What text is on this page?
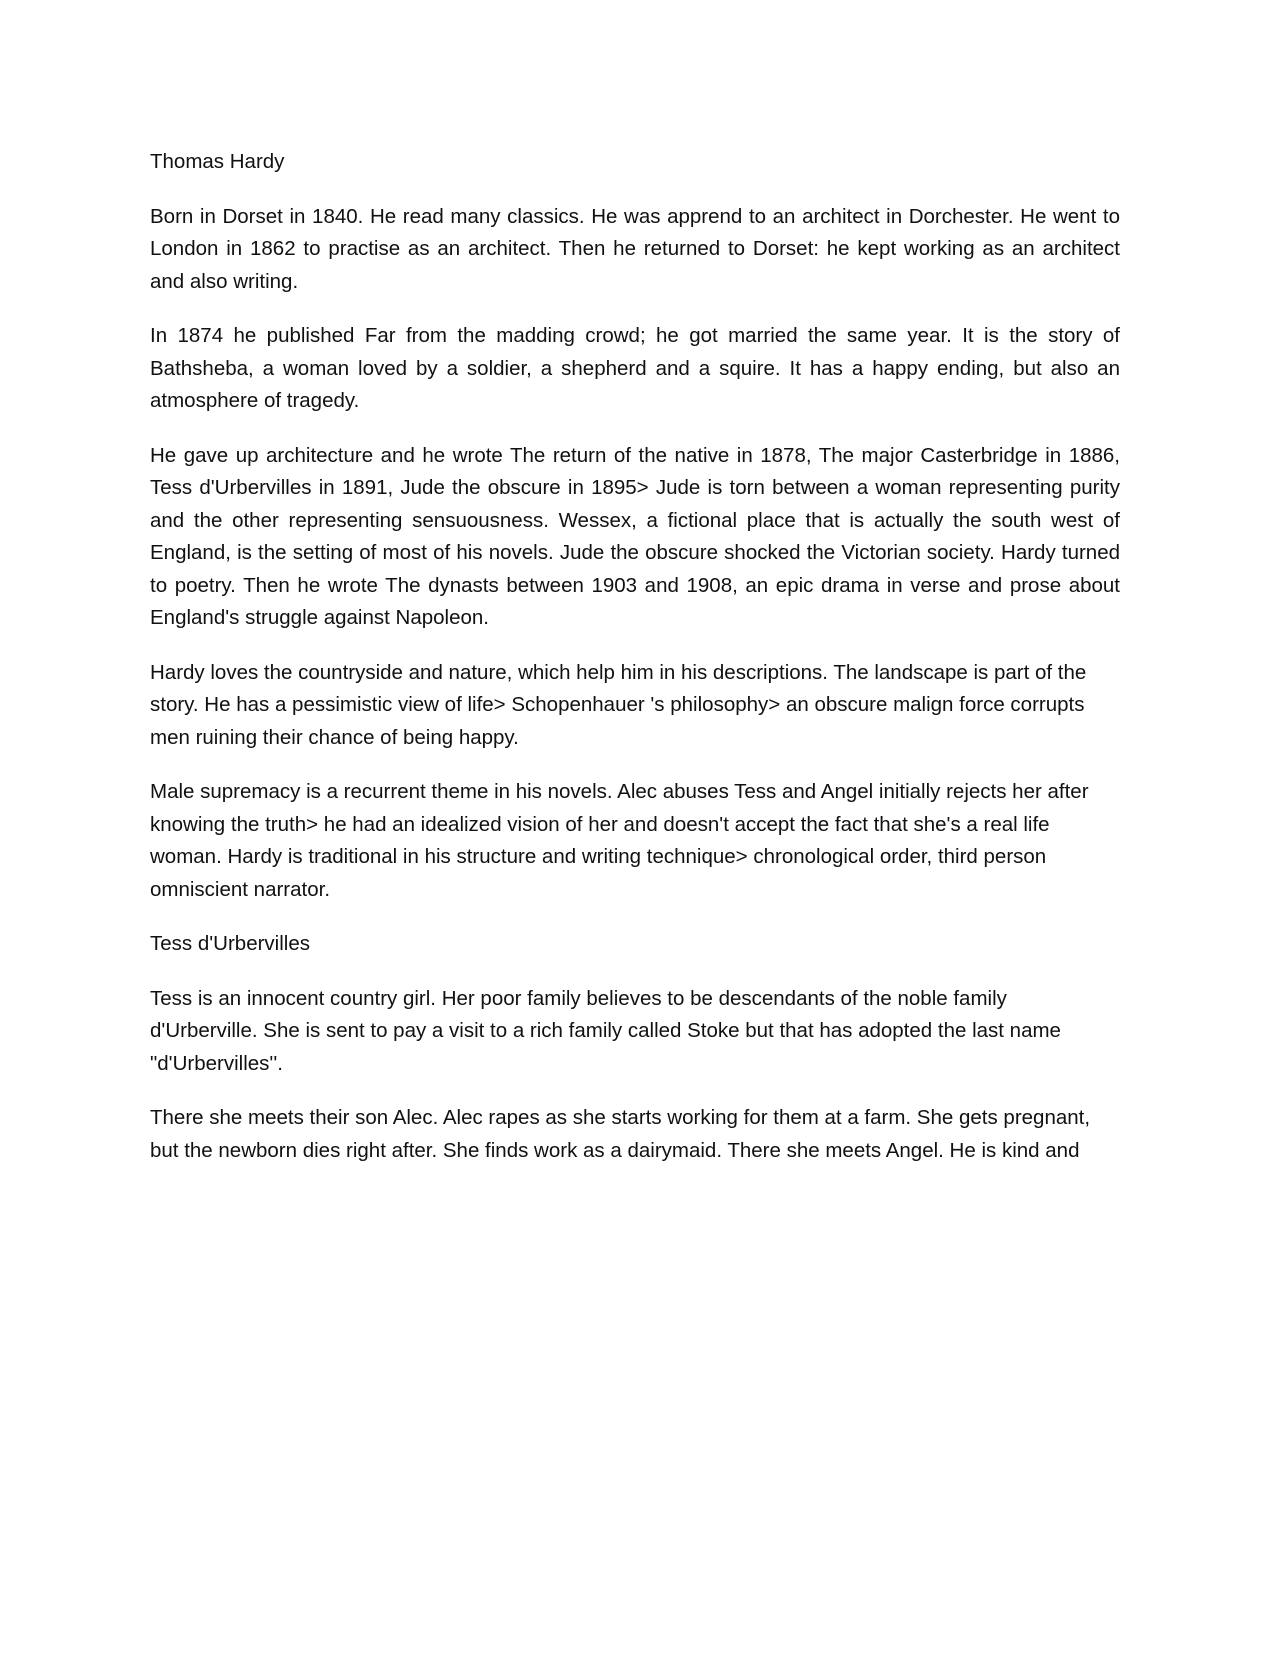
Thomas Hardy

Born in Dorset in 1840. He read many classics. He was apprend to an architect in Dorchester. He went to London in 1862 to practise as an architect. Then he returned to Dorset: he kept working as an architect and also writing.

In 1874 he published Far from the madding crowd; he got married the same year. It is the story of Bathsheba, a woman loved by a soldier, a shepherd and a squire. It has a happy ending, but also an atmosphere of tragedy.

He gave up architecture and he wrote The return of the native in 1878, The major Casterbridge in 1886, Tess d'Urbervilles in 1891, Jude the obscure in 1895> Jude is torn between a woman representing purity and the other representing sensuousness. Wessex, a fictional place that is actually the south west of England, is the setting of most of his novels. Jude the obscure shocked the Victorian society. Hardy turned to poetry. Then he wrote The dynasts between 1903 and 1908, an epic drama in verse and prose about England's struggle against Napoleon.

Hardy loves the countryside and nature, which help him in his descriptions. The landscape is part of the story. He has a pessimistic view of life> Schopenhauer 's philosophy> an obscure malign force corrupts men ruining their chance of being happy.

Male supremacy is a recurrent theme in his novels. Alec abuses Tess and Angel initially rejects her after knowing the truth> he had an idealized vision of her and doesn't accept the fact that she's a real life woman. Hardy is traditional in his structure and writing technique> chronological order, third person omniscient narrator.

Tess d'Urbervilles

Tess is an innocent country girl. Her poor family believes to be descendants of the noble family d'Urberville. She is sent to pay a visit to a rich family called Stoke but that has adopted the last name "d'Urbervilles''.

There she meets their son Alec. Alec rapes as she starts working for them at a farm. She gets pregnant, but the newborn dies right after. She finds work as a dairymaid. There she meets Angel. He is kind and
